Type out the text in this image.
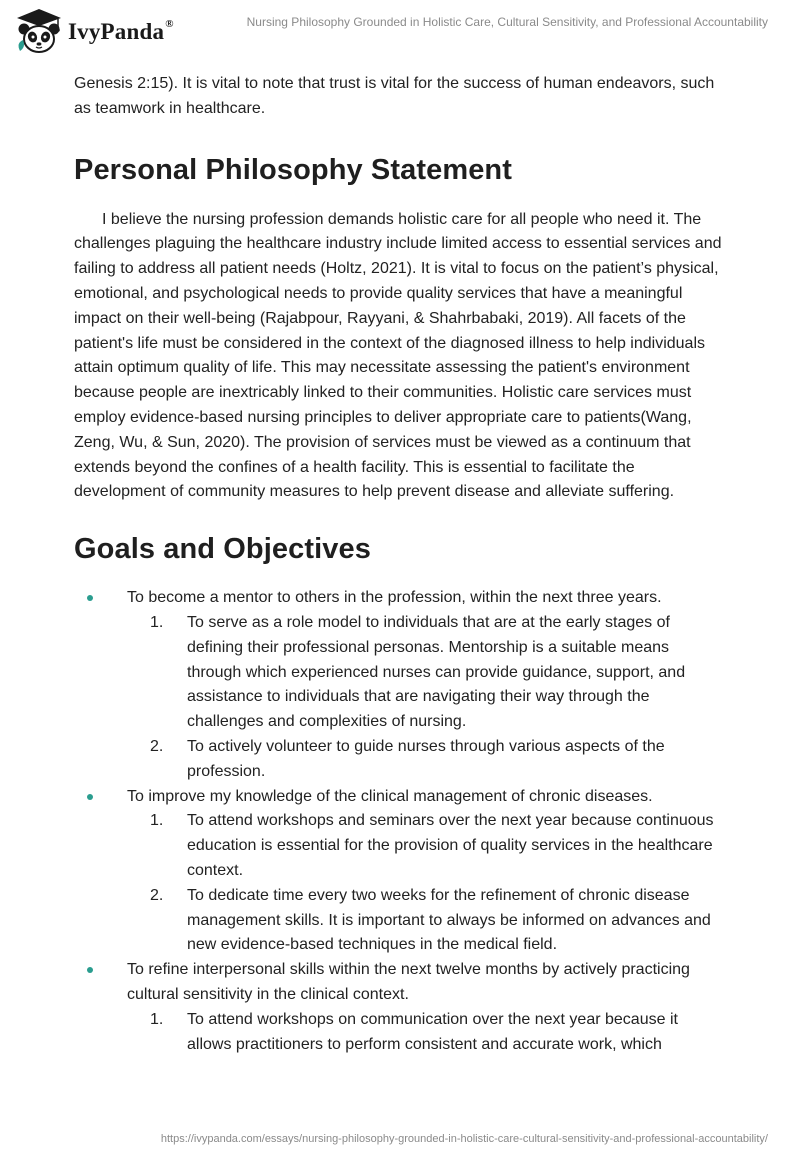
IvyPanda®	Nursing Philosophy Grounded in Holistic Care, Cultural Sensitivity, and Professional Accountability

Genesis 2:15). It is vital to note that trust is vital for the success of human endeavors, such as teamwork in healthcare.

Personal Philosophy Statement

I believe the nursing profession demands holistic care for all people who need it. The challenges plaguing the healthcare industry include limited access to essential services and failing to address all patient needs (Holtz, 2021). It is vital to focus on the patient’s physical, emotional, and psychological needs to provide quality services that have a meaningful impact on their well-being (Rajabpour, Rayyani, & Shahrbabaki, 2019). All facets of the patient's life must be considered in the context of the diagnosed illness to help individuals attain optimum quality of life. This may necessitate assessing the patient's environment because people are inextricably linked to their communities. Holistic care services must employ evidence-based nursing principles to deliver appropriate care to patients(Wang, Zeng, Wu, & Sun, 2020). The provision of services must be viewed as a continuum that extends beyond the confines of a health facility. This is essential to facilitate the development of community measures to help prevent disease and alleviate suffering.

Goals and Objectives
To become a mentor to others in the profession, within the next three years.
1. To serve as a role model to individuals that are at the early stages of defining their professional personas. Mentorship is a suitable means through which experienced nurses can provide guidance, support, and assistance to individuals that are navigating their way through the challenges and complexities of nursing.
2. To actively volunteer to guide nurses through various aspects of the profession.
To improve my knowledge of the clinical management of chronic diseases.
1. To attend workshops and seminars over the next year because continuous education is essential for the provision of quality services in the healthcare context.
2. To dedicate time every two weeks for the refinement of chronic disease management skills. It is important to always be informed on advances and new evidence-based techniques in the medical field.
To refine interpersonal skills within the next twelve months by actively practicing cultural sensitivity in the clinical context.
1. To attend workshops on communication over the next year because it allows practitioners to perform consistent and accurate work, which
https://ivypanda.com/essays/nursing-philosophy-grounded-in-holistic-care-cultural-sensitivity-and-professional-accountability/
